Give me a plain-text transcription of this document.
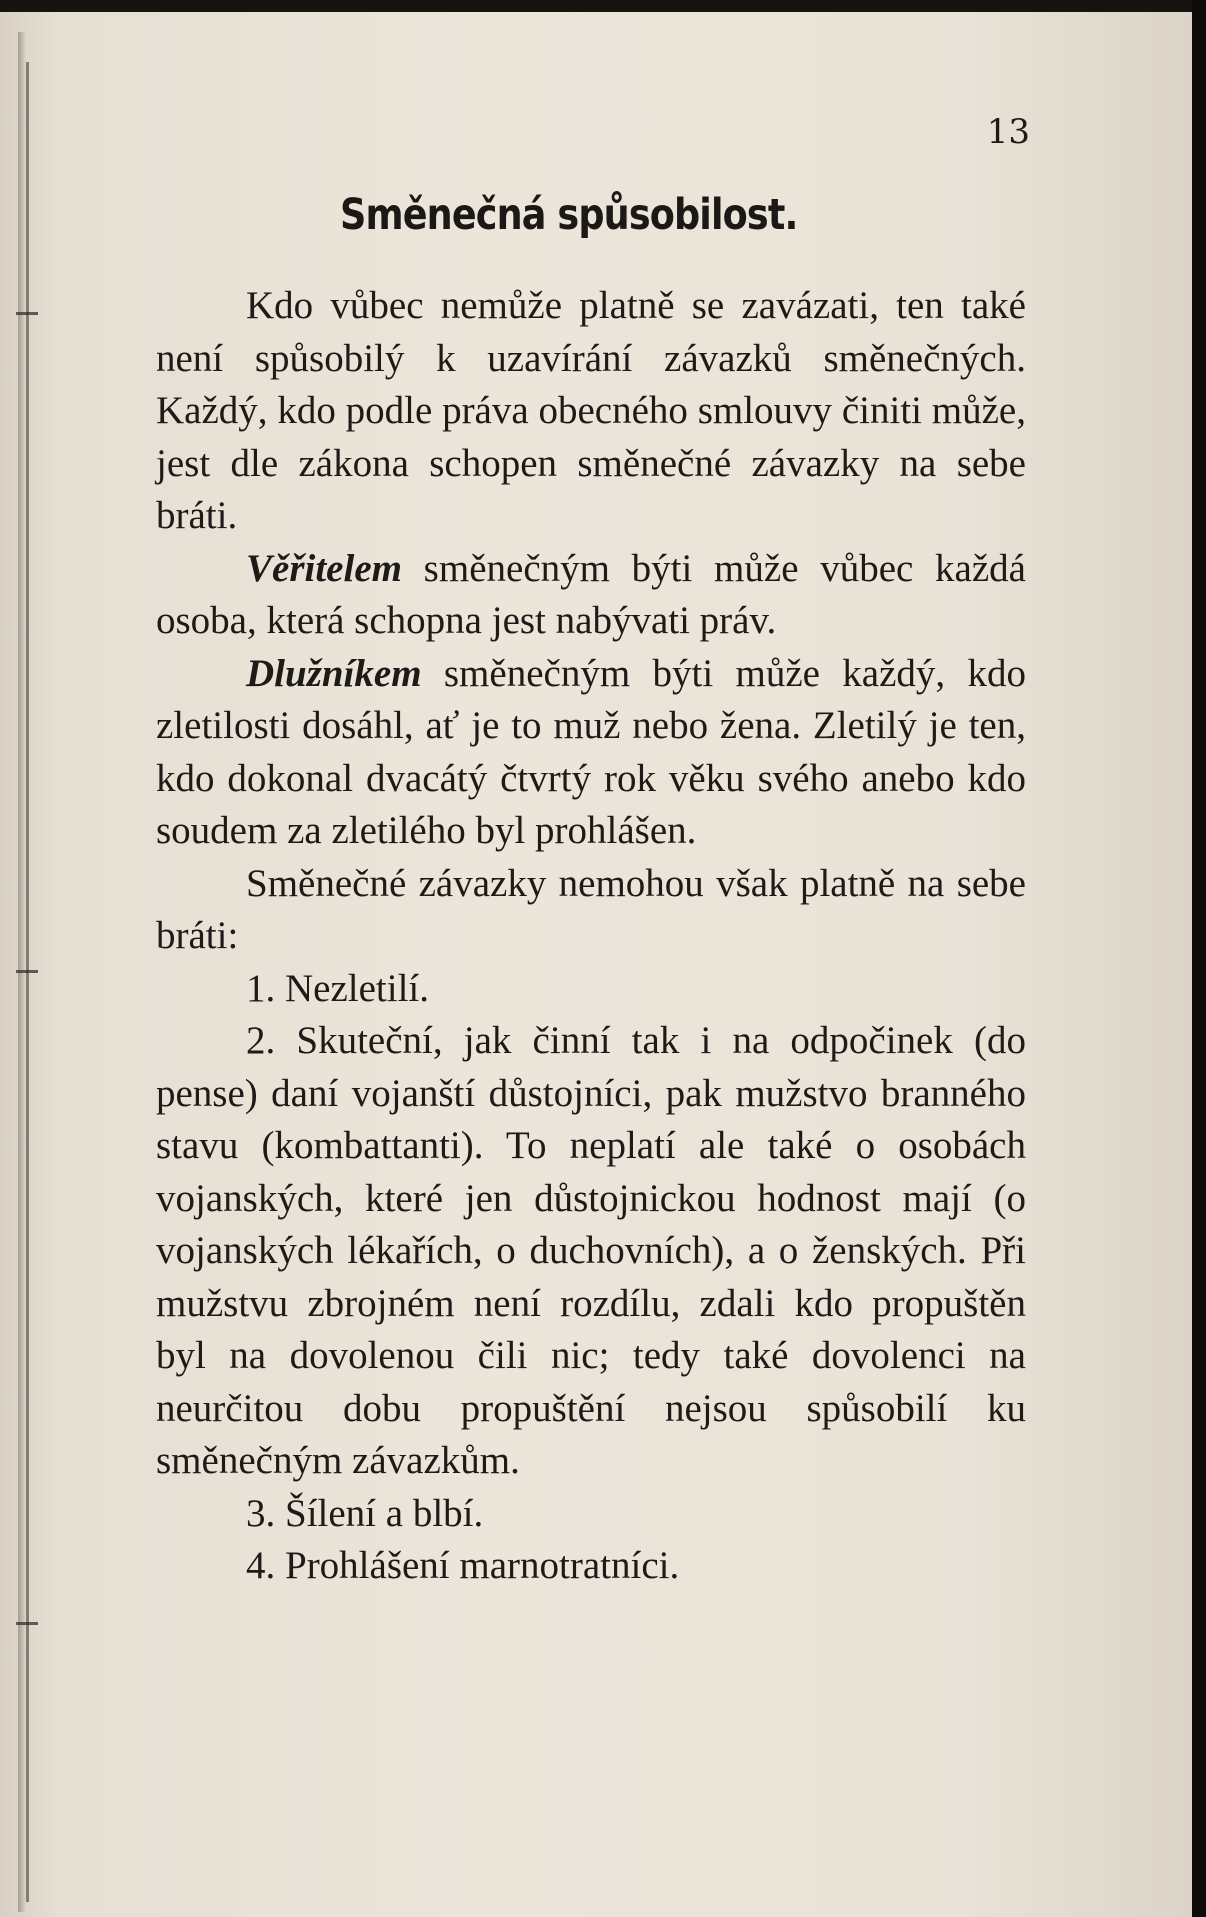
13
Směnečná spůsobilost.

Kdo vůbec nemůže platně se zavázati, ten také není spůsobilý k uzavírání závazků směnečných. Každý, kdo podle práva obecného smlouvy činiti může, jest dle zákona schopen směnečné závazky na sebe bráti.

Věřitelem směnečným býti může vůbec každá osoba, která schopna jest nabývati práv.

Dlužníkem směnečným býti může každý, kdo zletilosti dosáhl, ať je to muž nebo žena. Zletilý je ten, kdo dokonal dvacátý čtvrtý rok věku svého anebo kdo soudem za zletilého byl prohlášen.

Směnečné závazky nemohou však platně na sebe bráti:

1. Nezletilí.

2. Skuteční, jak činní tak i na odpočinek (do pense) daní vojanští důstojníci, pak mužstvo branného stavu (kombattanti). To neplatí ale také o osobách vojanských, které jen důstojnickou hodnost mají (o vojanských lékařích, o duchovních), a o ženských. Při mužstvu zbrojném není rozdílu, zdali kdo propuštěn byl na dovolenou čili nic; tedy také dovolenci na neurčitou dobu propuštění nejsou spůsobilí ku směnečným závazkům.

3. Šílení a blbí.

4. Prohlášení marnotratníci.
